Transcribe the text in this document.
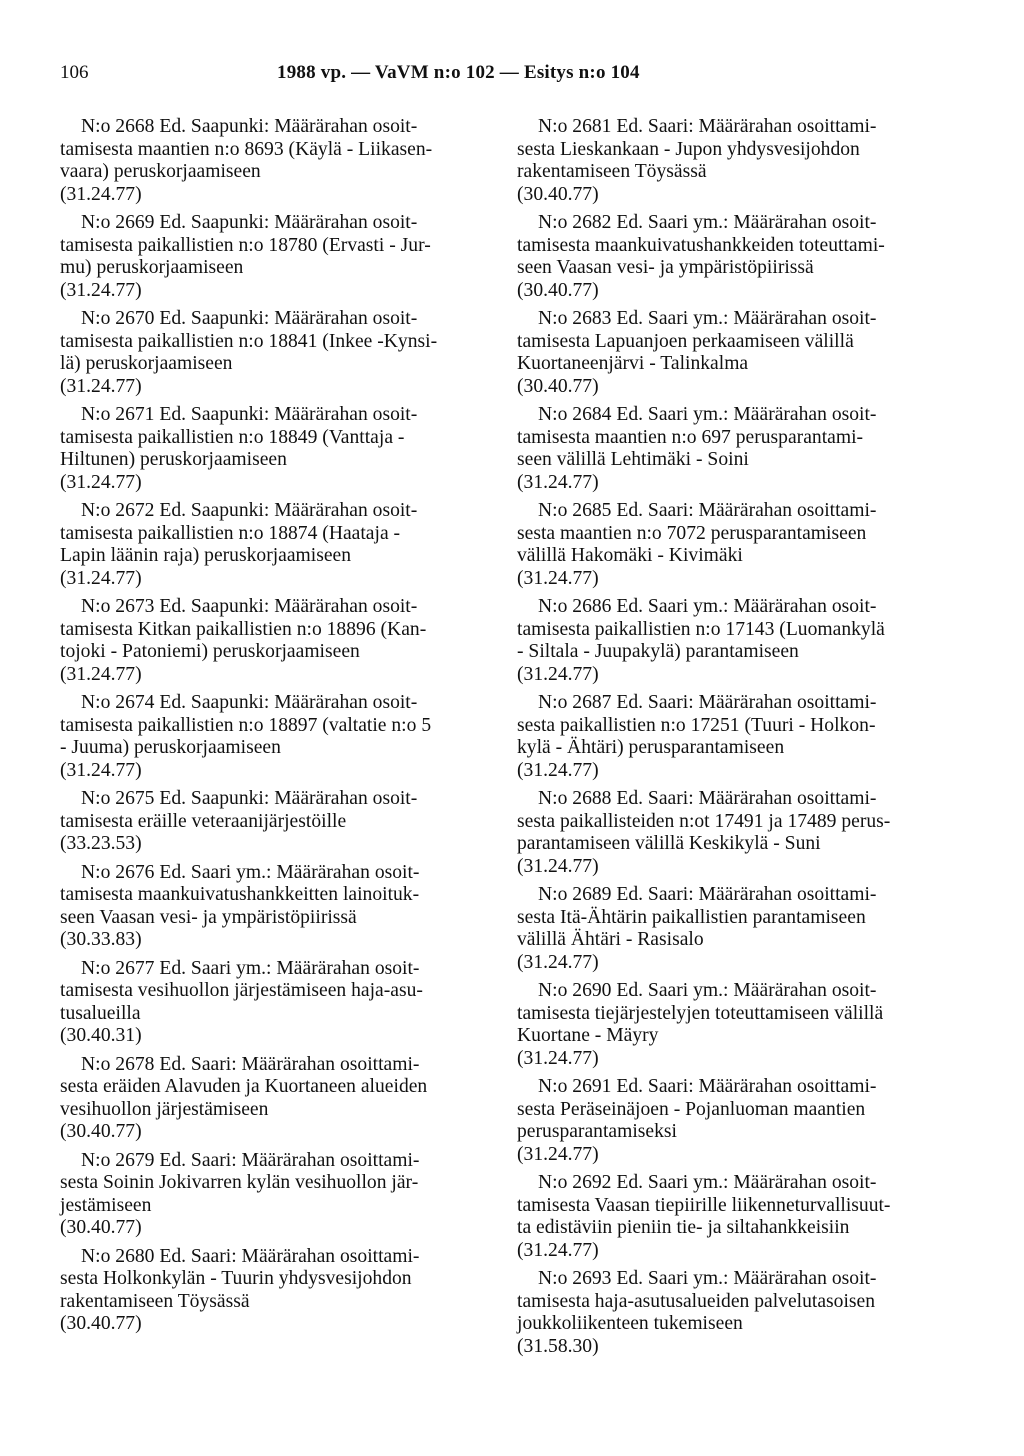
106	1988 vp. — VaVM n:o 102 — Esitys n:o 104
N:o 2668 Ed. Saapunki: Määrärahan osoit-
tamisesta maantien n:o 8693 (Käylä - Liikasen-
vaara) peruskorjaamiseen
(31.24.77)
N:o 2669 Ed. Saapunki: Määrärahan osoit-
tamisesta paikallistien n:o 18780 (Ervasti - Jur-
mu) peruskorjaamiseen
(31.24.77)
N:o 2670 Ed. Saapunki: Määrärahan osoit-
tamisesta paikallistien n:o 18841 (Inkee -Kynsi-
lä) peruskorjaamiseen
(31.24.77)
N:o 2671 Ed. Saapunki: Määrärahan osoit-
tamisesta paikallistien n:o 18849 (Vanttaja -
Hiltunen) peruskorjaamiseen
(31.24.77)
N:o 2672 Ed. Saapunki: Määrärahan osoit-
tamisesta paikallistien n:o 18874 (Haataja -
Lapin läänin raja) peruskorjaamiseen
(31.24.77)
N:o 2673 Ed. Saapunki: Määrärahan osoit-
tamisesta Kitkan paikallistien n:o 18896 (Kan-
tojoki - Patoniemi) peruskorjaamiseen
(31.24.77)
N:o 2674 Ed. Saapunki: Määrärahan osoit-
tamisesta paikallistien n:o 18897 (valtatie n:o 5
- Juuma) peruskorjaamiseen
(31.24.77)
N:o 2675 Ed. Saapunki: Määrärahan osoit-
tamisesta eräille veteraanijärjestöille
(33.23.53)
N:o 2676 Ed. Saari ym.: Määrärahan osoit-
tamisesta maankuivatushankkeitten lainoituk-
seen Vaasan vesi- ja ympäristöpiirissä
(30.33.83)
N:o 2677 Ed. Saari ym.: Määrärahan osoit-
tamisesta vesihuollon järjestämiseen haja-asu-
tusalueilla
(30.40.31)
N:o 2678 Ed. Saari: Määrärahan osoittami-
sesta eräiden Alavuden ja Kuortaneen alueiden
vesihuollon järjestämiseen
(30.40.77)
N:o 2679 Ed. Saari: Määrärahan osoittami-
sesta Soinin Jokivarren kylän vesihuollon jär-
jestämiseen
(30.40.77)
N:o 2680 Ed. Saari: Määrärahan osoittami-
sesta Holkonkylän - Tuurin yhdysvesijohdon
rakentamiseen Töysässä
(30.40.77)
N:o 2681 Ed. Saari: Määrärahan osoittami-
sesta Lieskankaan - Jupon yhdysvesijohdon
rakentamiseen Töysässä
(30.40.77)
N:o 2682 Ed. Saari ym.: Määrärahan osoit-
tamisesta maankuivatushankkeiden toteuttami-
seen Vaasan vesi- ja ympäristöpiirissä
(30.40.77)
N:o 2683 Ed. Saari ym.: Määrärahan osoit-
tamisesta Lapuanjoen perkaamiseen välillä
Kuortaneenjärvi - Talinkalma
(30.40.77)
N:o 2684 Ed. Saari ym.: Määrärahan osoit-
tamisesta maantien n:o 697 perusparantami-
seen välillä Lehtimäki - Soini
(31.24.77)
N:o 2685 Ed. Saari: Määrärahan osoittami-
sesta maantien n:o 7072 perusparantamiseen
välillä Hakomäki - Kivimäki
(31.24.77)
N:o 2686 Ed. Saari ym.: Määrärahan osoit-
tamisesta paikallistien n:o 17143 (Luomankylä
- Siltala - Juupakylä) parantamiseen
(31.24.77)
N:o 2687 Ed. Saari: Määrärahan osoittami-
sesta paikallistien n:o 17251 (Tuuri - Holkon-
kylä - Ähtäri) perusparantamiseen
(31.24.77)
N:o 2688 Ed. Saari: Määrärahan osoittami-
sesta paikallisteiden n:ot 17491 ja 17489 perus-
parantamiseen välillä Keskikylä - Suni
(31.24.77)
N:o 2689 Ed. Saari: Määrärahan osoittami-
sesta Itä-Ähtärin paikallistien parantamiseen
välillä Ähtäri - Rasisalo
(31.24.77)
N:o 2690 Ed. Saari ym.: Määrärahan osoit-
tamisesta tiejärjestelyjen toteuttamiseen välillä
Kuortane - Mäyry
(31.24.77)
N:o 2691 Ed. Saari: Määrärahan osoittami-
sesta Peräseinäjoen - Pojanluoman maantien
perusparantamiseksi
(31.24.77)
N:o 2692 Ed. Saari ym.: Määrärahan osoit-
tamisesta Vaasan tiepiirille liikenneturvallisuut-
ta edistäviin pieniin tie- ja siltahankkeisiin
(31.24.77)
N:o 2693 Ed. Saari ym.: Määrärahan osoit-
tamisesta haja-asutusalueiden palvelutasoisen
joukkoliikenteen tukemiseen
(31.58.30)
